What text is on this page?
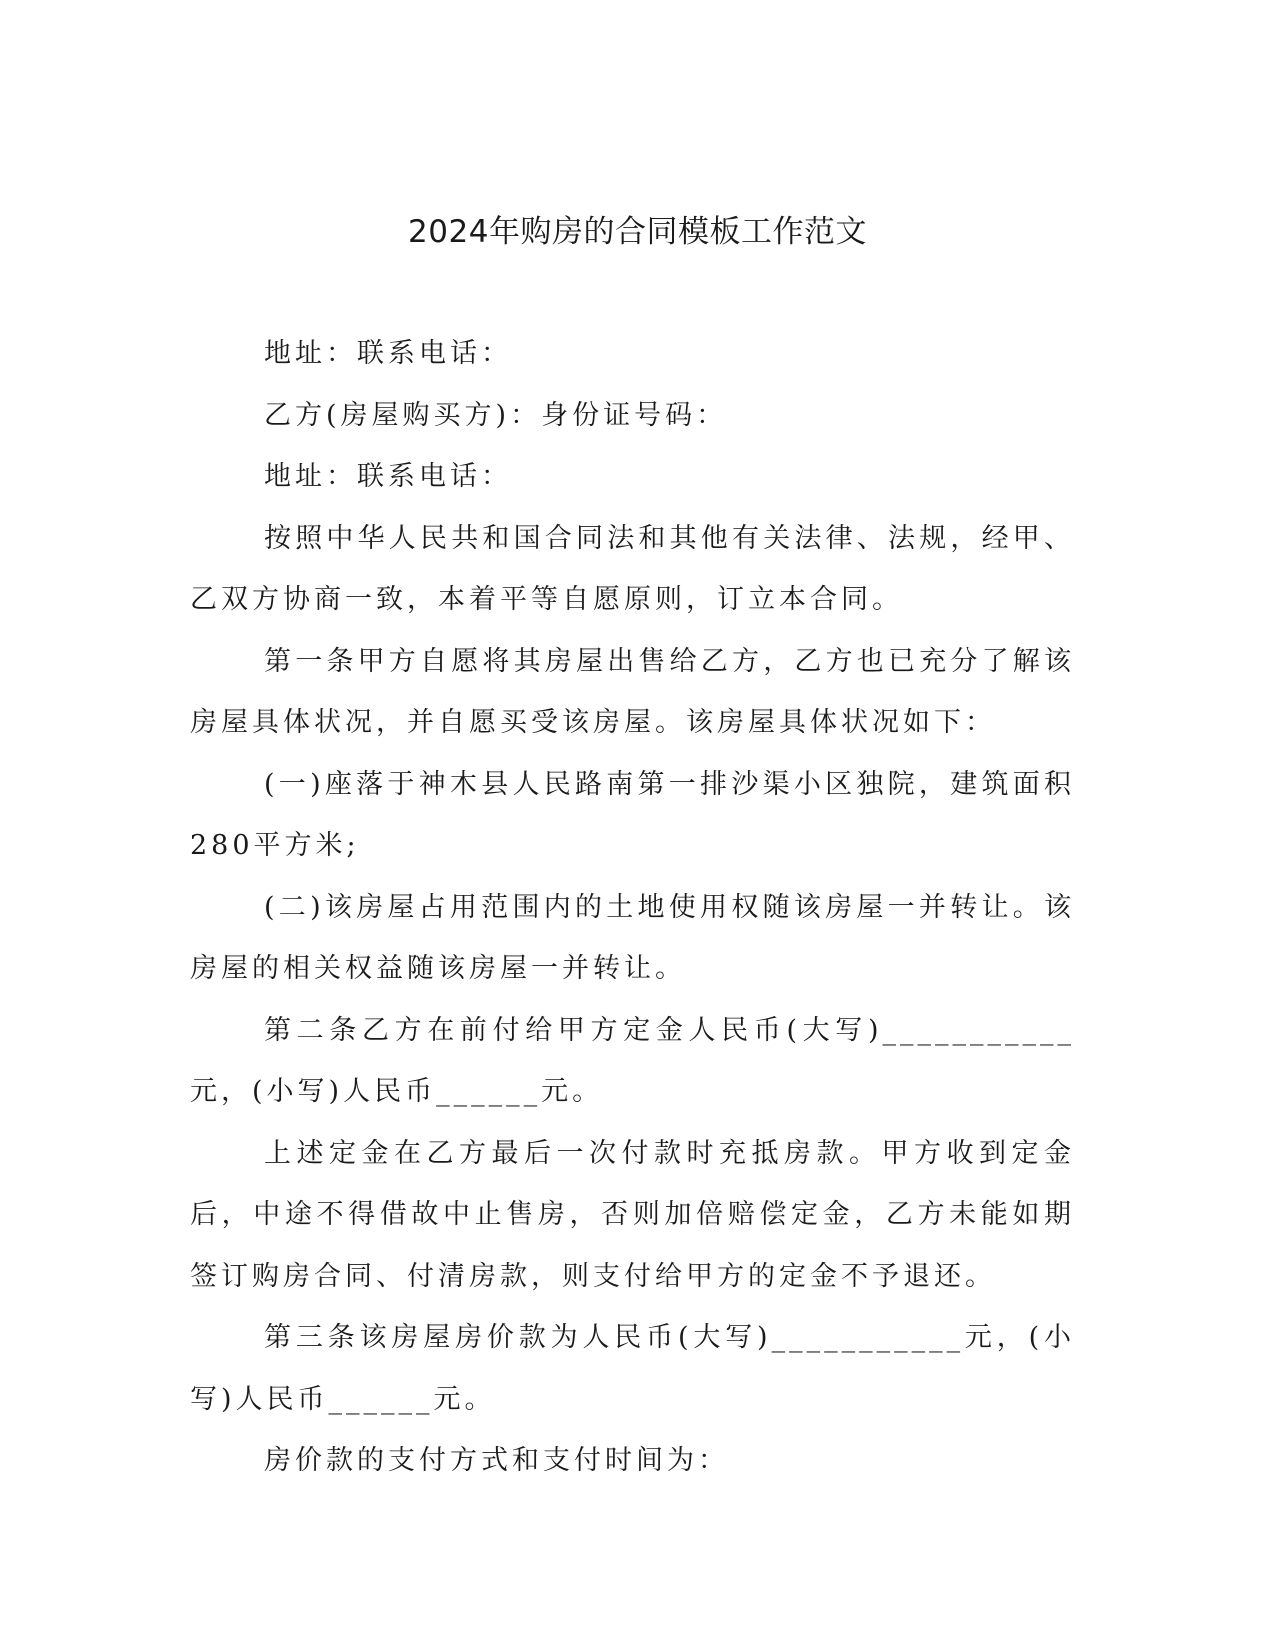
2024年购房的合同模板工作范文

地址：联系电话：

乙方(房屋购买方)：身份证号码：

地址：联系电话：

按照中华人民共和国合同法和其他有关法律、法规，经甲、乙双方协商一致，本着平等自愿原则，订立本合同。

第一条甲方自愿将其房屋出售给乙方，乙方也已充分了解该房屋具体状况，并自愿买受该房屋。该房屋具体状况如下：

(一)座落于神木县人民路南第一排沙渠小区独院，建筑面积280平方米;

(二)该房屋占用范围内的土地使用权随该房屋一并转让。该房屋的相关权益随该房屋一并转让。

第二条乙方在前付给甲方定金人民币(大写)___________元，(小写)人民币______元。

上述定金在乙方最后一次付款时充抵房款。甲方收到定金后，中途不得借故中止售房，否则加倍赔偿定金，乙方未能如期签订购房合同、付清房款，则支付给甲方的定金不予退还。

第三条该房屋房价款为人民币(大写)___________元，(小写)人民币______元。

房价款的支付方式和支付时间为：
